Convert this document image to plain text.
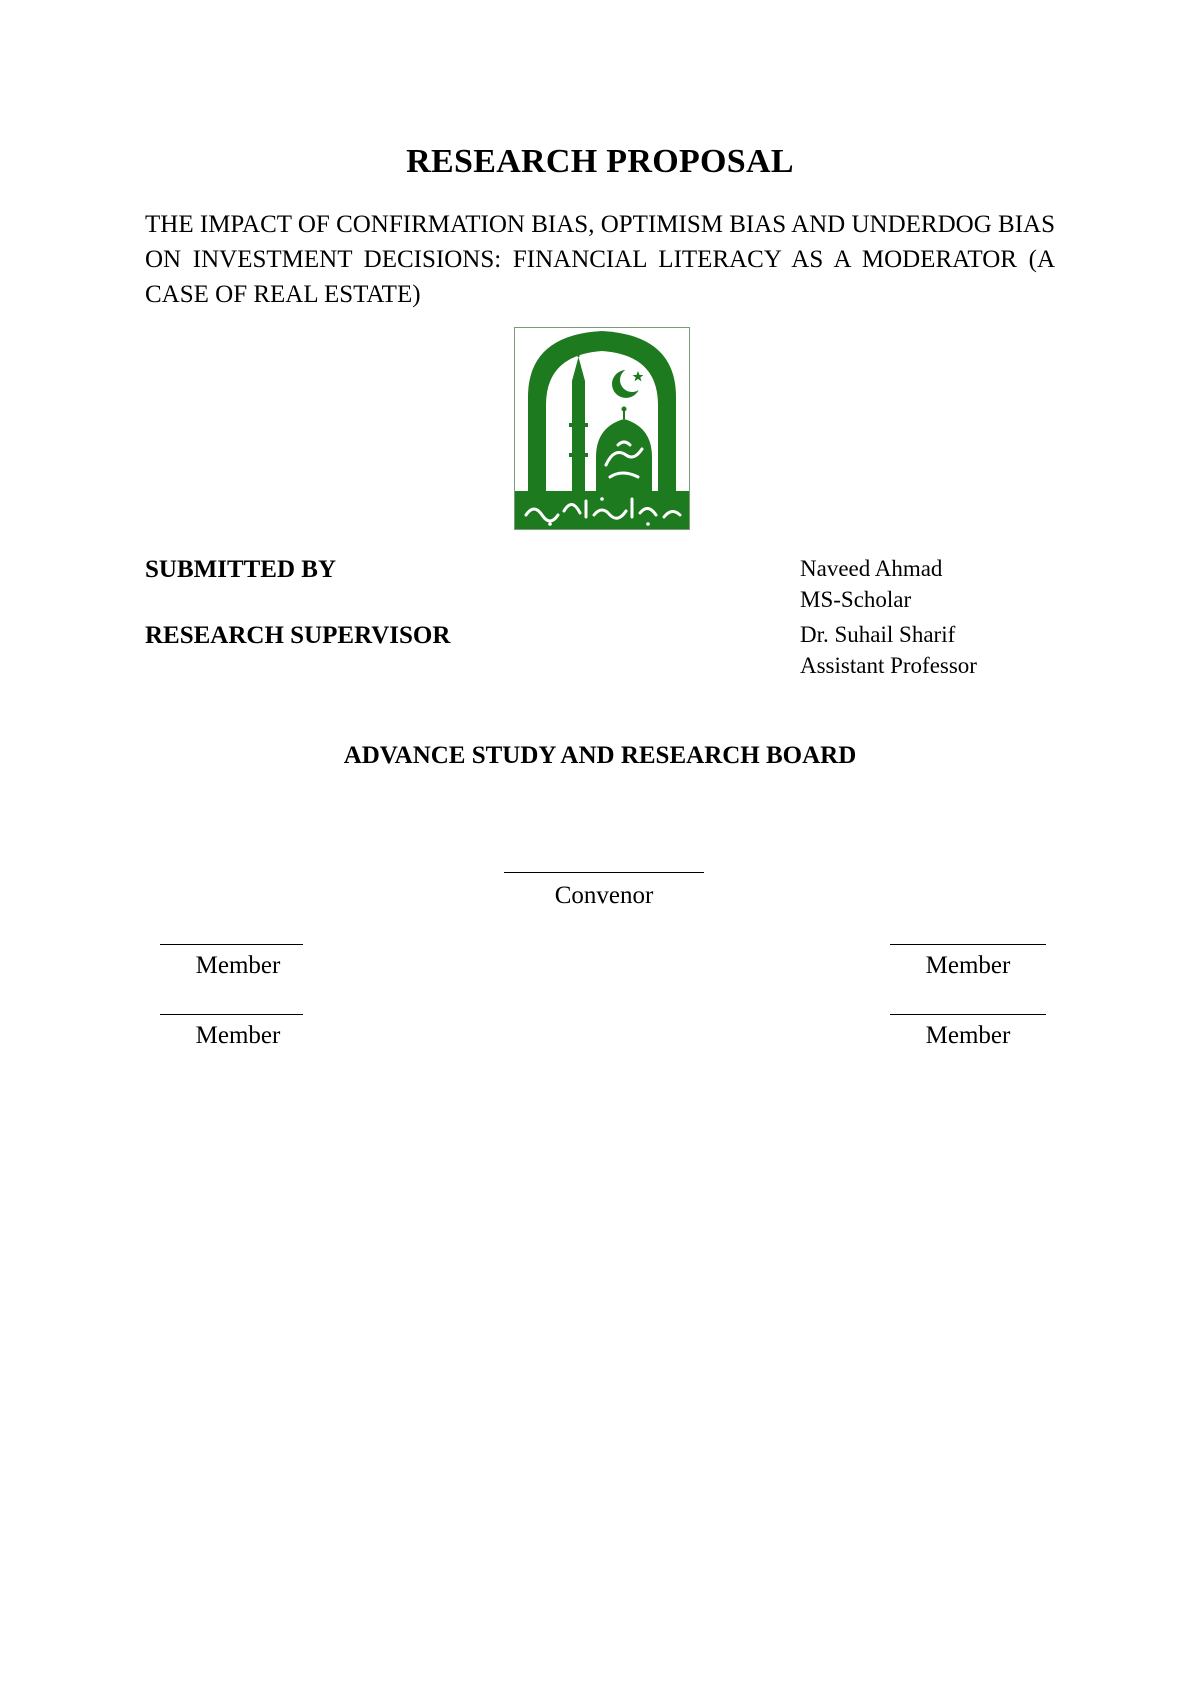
RESEARCH PROPOSAL
THE IMPACT OF CONFIRMATION BIAS, OPTIMISM BIAS AND UNDERDOG BIAS ON INVESTMENT DECISIONS: FINANCIAL LITERACY AS A MODERATOR (A CASE OF REAL ESTATE)
SUBMITTED BY	Naveed Ahmad
MS-Scholar
RESEARCH SUPERVISOR	Dr. Suhail Sharif
Assistant Professor
ADVANCE STUDY AND RESEARCH BOARD
Convenor
Member
Member
Member
Member
